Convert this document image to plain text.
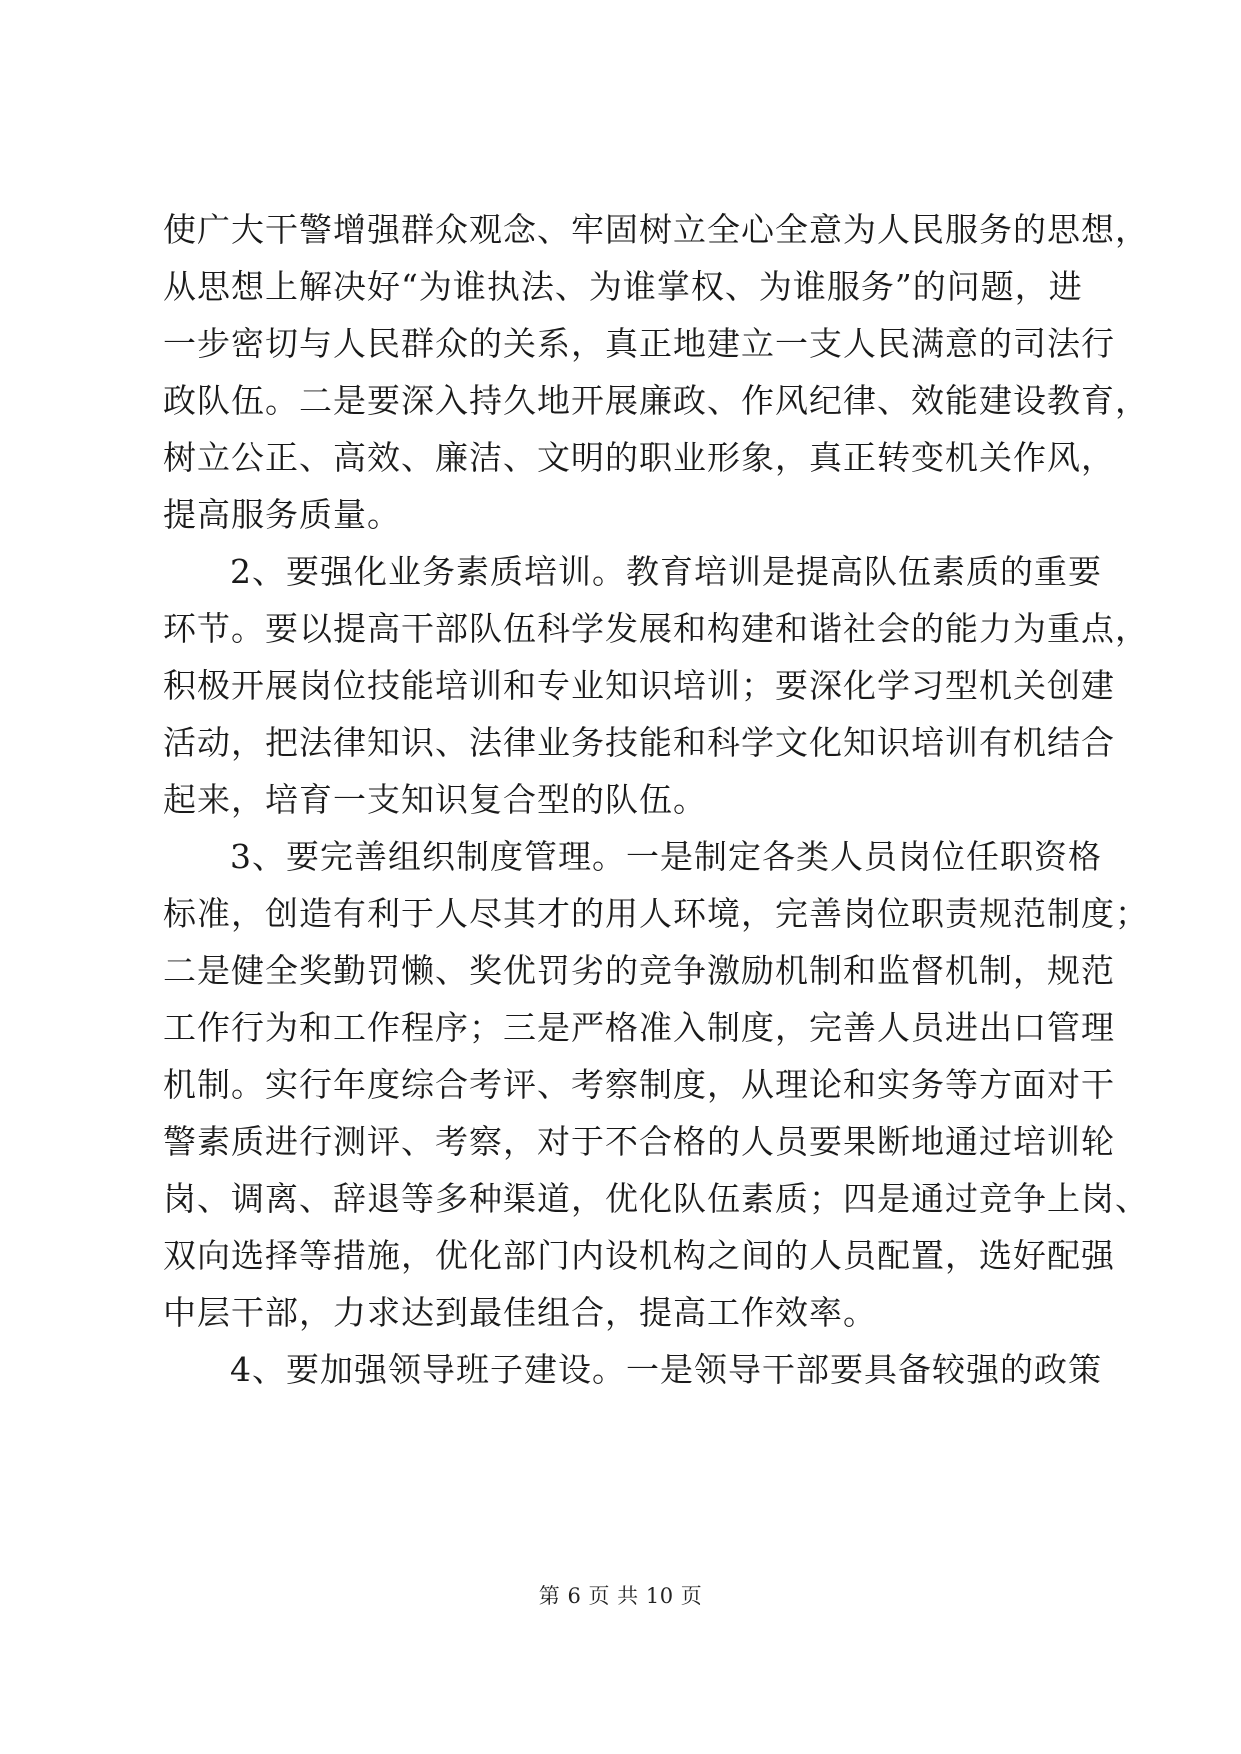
使广大干警增强群众观念、牢固树立全心全意为人民服务的思想，
从思想上解决好“为谁执法、为谁掌权、为谁服务”的问题，进
一步密切与人民群众的关系，真正地建立一支人民满意的司法行
政队伍。二是要深入持久地开展廉政、作风纪律、效能建设教育，
树立公正、高效、廉洁、文明的职业形象，真正转变机关作风，
提高服务质量。
2、要强化业务素质培训。教育培训是提高队伍素质的重要
环节。要以提高干部队伍科学发展和构建和谐社会的能力为重点，
积极开展岗位技能培训和专业知识培训；要深化学习型机关创建
活动，把法律知识、法律业务技能和科学文化知识培训有机结合
起来，培育一支知识复合型的队伍。
3、要完善组织制度管理。一是制定各类人员岗位任职资格
标准，创造有利于人尽其才的用人环境，完善岗位职责规范制度；
二是健全奖勤罚懒、奖优罚劣的竞争激励机制和监督机制，规范
工作行为和工作程序；三是严格准入制度，完善人员进出口管理
机制。实行年度综合考评、考察制度，从理论和实务等方面对干
警素质进行测评、考察，对于不合格的人员要果断地通过培训轮
岗、调离、辞退等多种渠道，优化队伍素质；四是通过竞争上岗、
双向选择等措施，优化部门内设机构之间的人员配置，选好配强
中层干部，力求达到最佳组合，提高工作效率。
4、要加强领导班子建设。一是领导干部要具备较强的政策
第 6 页 共 10 页
